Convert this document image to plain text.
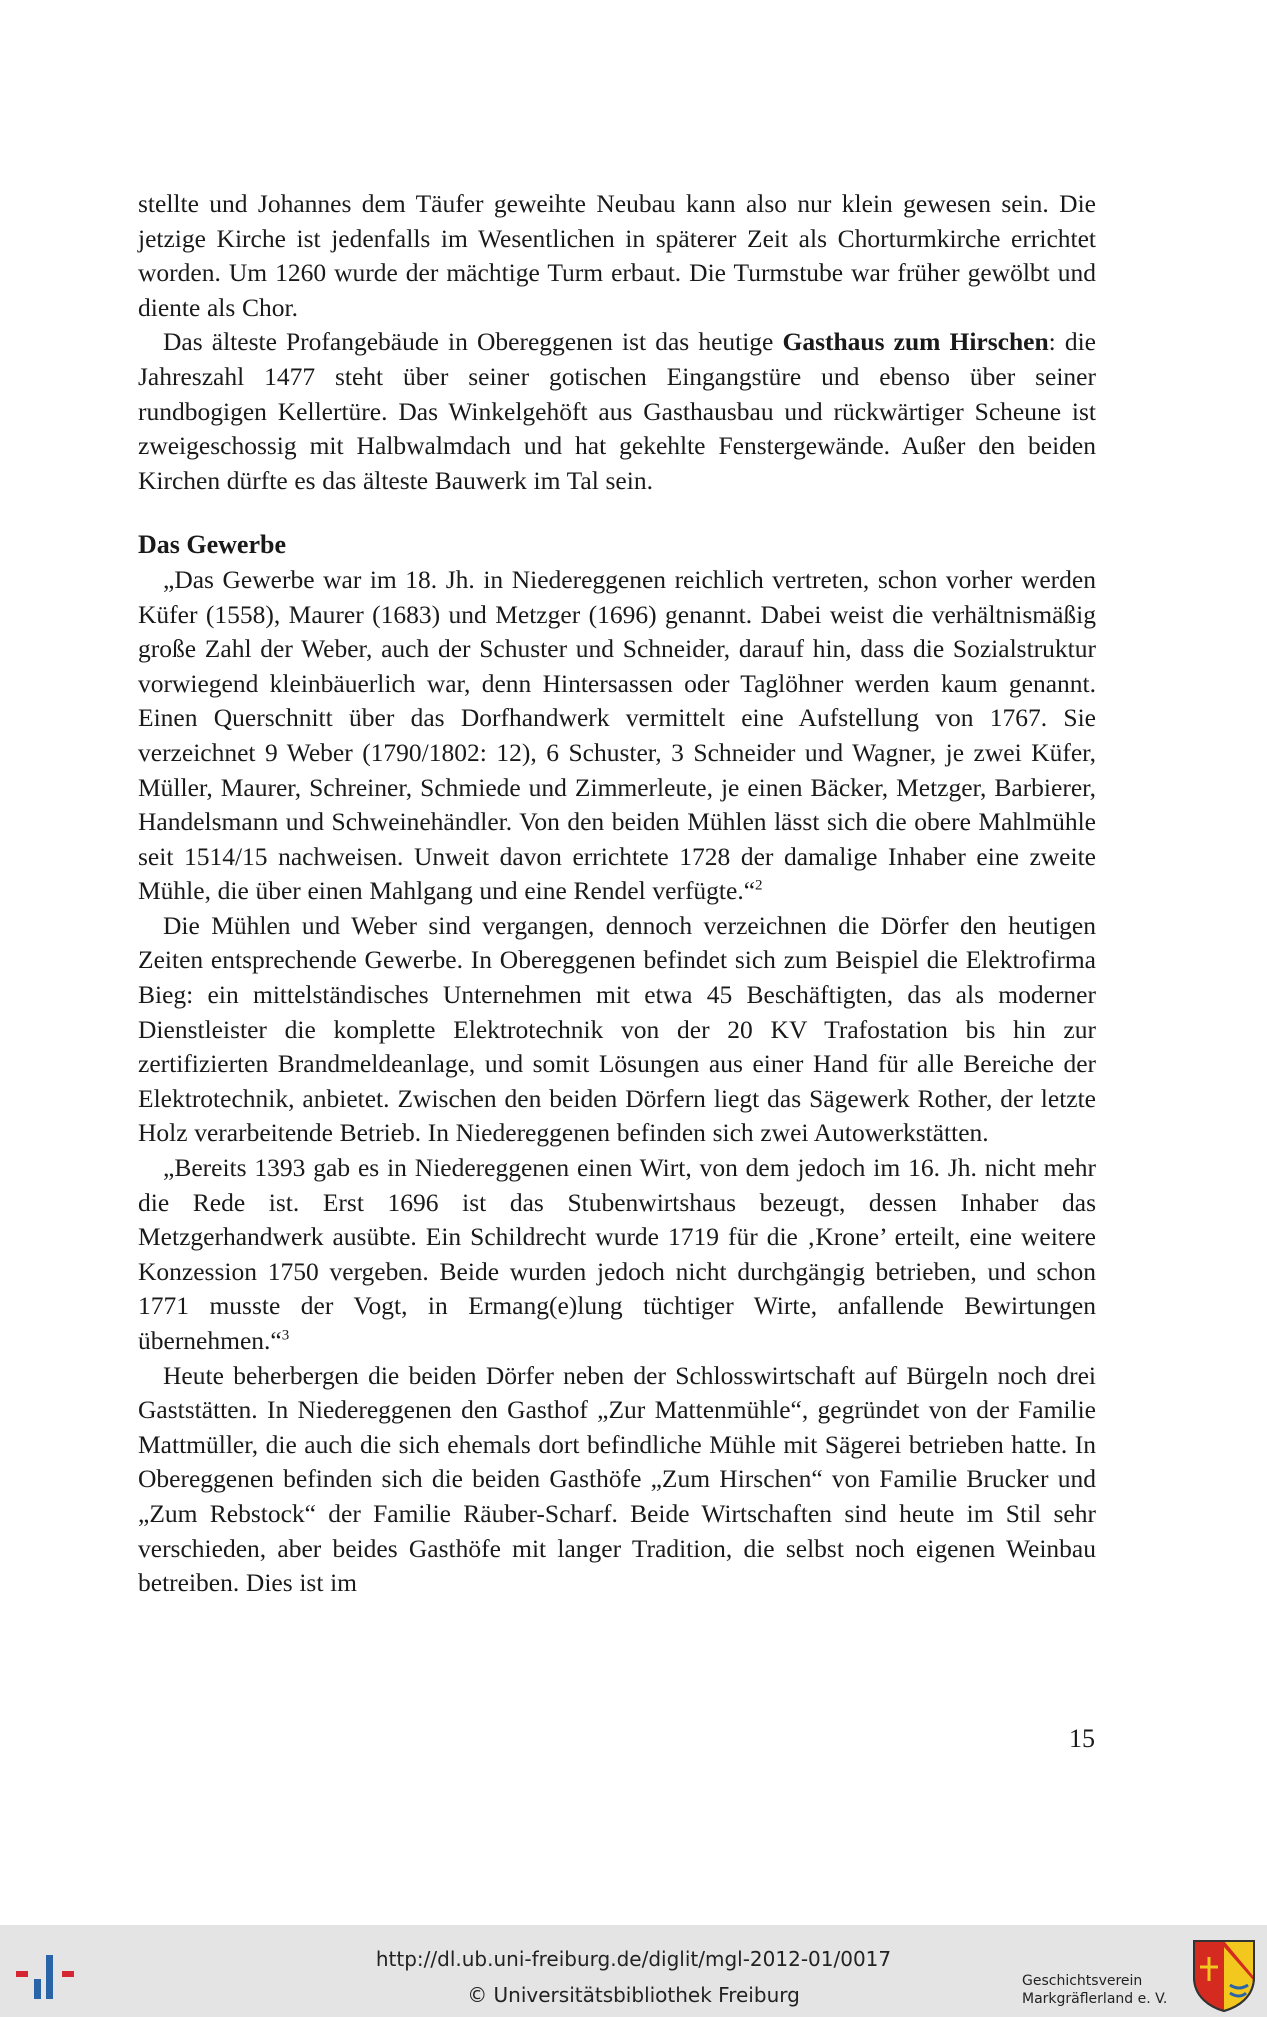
stellte und Johannes dem Täufer geweihte Neubau kann also nur klein gewesen sein. Die jetzige Kirche ist jedenfalls im Wesentlichen in späterer Zeit als Chorturmkirche errichtet worden. Um 1260 wurde der mächtige Turm erbaut. Die Turmstube war früher gewölbt und diente als Chor.

Das älteste Profangebäude in Obereggenen ist das heutige Gasthaus zum Hirschen: die Jahreszahl 1477 steht über seiner gotischen Eingangstüre und ebenso über seiner rundbogigen Kellertüre. Das Winkelgehöft aus Gasthausbau und rückwärtiger Scheune ist zweigeschossig mit Halbwalmdach und hat gekehlte Fenstergewände. Außer den beiden Kirchen dürfte es das älteste Bauwerk im Tal sein.

Das Gewerbe

„Das Gewerbe war im 18. Jh. in Niedereggenen reichlich vertreten, schon vorher werden Küfer (1558), Maurer (1683) und Metzger (1696) genannt. Dabei weist die verhältnismäßig große Zahl der Weber, auch der Schuster und Schneider, darauf hin, dass die Sozialstruktur vorwiegend kleinbäuerlich war, denn Hintersassen oder Taglöhner werden kaum genannt. Einen Querschnitt über das Dorfhandwerk vermittelt eine Aufstellung von 1767. Sie verzeichnet 9 Weber (1790/1802: 12), 6 Schuster, 3 Schneider und Wagner, je zwei Küfer, Müller, Maurer, Schreiner, Schmiede und Zimmerleute, je einen Bäcker, Metzger, Barbierer, Handelsmann und Schweinehändler. Von den beiden Mühlen lässt sich die obere Mahlmühle seit 1514/15 nachweisen. Unweit davon errichtete 1728 der damalige Inhaber eine zweite Mühle, die über einen Mahlgang und eine Rendel verfügte.“$^2$

Die Mühlen und Weber sind vergangen, dennoch verzeichnen die Dörfer den heutigen Zeiten entsprechende Gewerbe. In Obereggenen befindet sich zum Beispiel die Elektrofirma Bieg: ein mittelständisches Unternehmen mit etwa 45 Beschäftigten, das als moderner Dienstleister die komplette Elektrotechnik von der 20 KV Trafostation bis hin zur zertifizierten Brandmeldeanlage, und somit Lösungen aus einer Hand für alle Bereiche der Elektrotechnik, anbietet. Zwischen den beiden Dörfern liegt das Sägewerk Rother, der letzte Holz verarbeitende Betrieb. In Niedereggenen befinden sich zwei Autowerkstätten.

„Bereits 1393 gab es in Niedereggenen einen Wirt, von dem jedoch im 16. Jh. nicht mehr die Rede ist. Erst 1696 ist das Stubenwirtshaus bezeugt, dessen Inhaber das Metzgerhandwerk ausübte. Ein Schildrecht wurde 1719 für die ‚Krone’ erteilt, eine weitere Konzession 1750 vergeben. Beide wurden jedoch nicht durchgängig betrieben, und schon 1771 musste der Vogt, in Ermang(e)lung tüchtiger Wirte, anfallende Bewirtungen übernehmen.“$^3$

Heute beherbergen die beiden Dörfer neben der Schlosswirtschaft auf Bürgeln noch drei Gaststätten. In Niedereggenen den Gasthof „Zur Mattenmühle“, gegründet von der Familie Mattmüller, die auch die sich ehemals dort befindliche Mühle mit Sägerei betrieben hatte. In Obereggenen befinden sich die beiden Gasthöfe „Zum Hirschen“ von Familie Brucker und „Zum Rebstock“ der Familie Räuber-Scharf. Beide Wirtschaften sind heute im Stil sehr verschieden, aber beides Gasthöfe mit langer Tradition, die selbst noch eigenen Weinbau betreiben. Dies ist im

15
http://dl.ub.uni-freiburg.de/diglit/mgl-2012-01/0017
© Universitätsbibliothek Freiburg
Geschichtsverein
Markgräflerland e. V.
